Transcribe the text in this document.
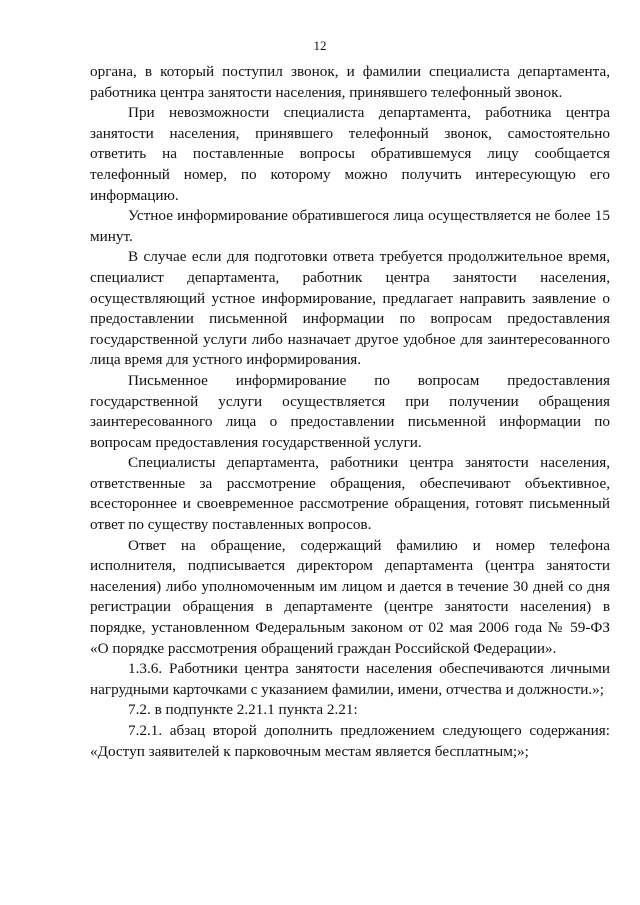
12

органа, в который поступил звонок, и фамилии специалиста департамента, работника центра занятости населения, принявшего телефонный звонок.

При невозможности специалиста департамента, работника центра занятости населения, принявшего телефонный звонок, самостоятельно ответить на поставленные вопросы обратившемуся лицу сообщается телефонный номер, по которому можно получить интересующую его информацию.

Устное информирование обратившегося лица осуществляется не более 15 минут.

В случае если для подготовки ответа требуется продолжительное время, специалист департамента, работник центра занятости населения, осуществляющий устное информирование, предлагает направить заявление о предоставлении письменной информации по вопросам предоставления государственной услуги либо назначает другое удобное для заинтересованного лица время для устного информирования.

Письменное информирование по вопросам предоставления государственной услуги осуществляется при получении обращения заинтересованного лица о предоставлении письменной информации по вопросам предоставления государственной услуги.

Специалисты департамента, работники центра занятости населения, ответственные за рассмотрение обращения, обеспечивают объективное, всестороннее и своевременное рассмотрение обращения, готовят письменный ответ по существу поставленных вопросов.

Ответ на обращение, содержащий фамилию и номер телефона исполнителя, подписывается директором департамента (центра занятости населения) либо уполномоченным им лицом и дается в течение 30 дней со дня регистрации обращения в департаменте (центре занятости населения) в порядке, установленном Федеральным законом от 02 мая 2006 года № 59-ФЗ «О порядке рассмотрения обращений граждан Российской Федерации».

1.3.6. Работники центра занятости населения обеспечиваются личными нагрудными карточками с указанием фамилии, имени, отчества и должности.»;

7.2. в подпункте 2.21.1 пункта 2.21:

7.2.1. абзац второй дополнить предложением следующего содержания: «Доступ заявителей к парковочным местам является бесплатным;»;
